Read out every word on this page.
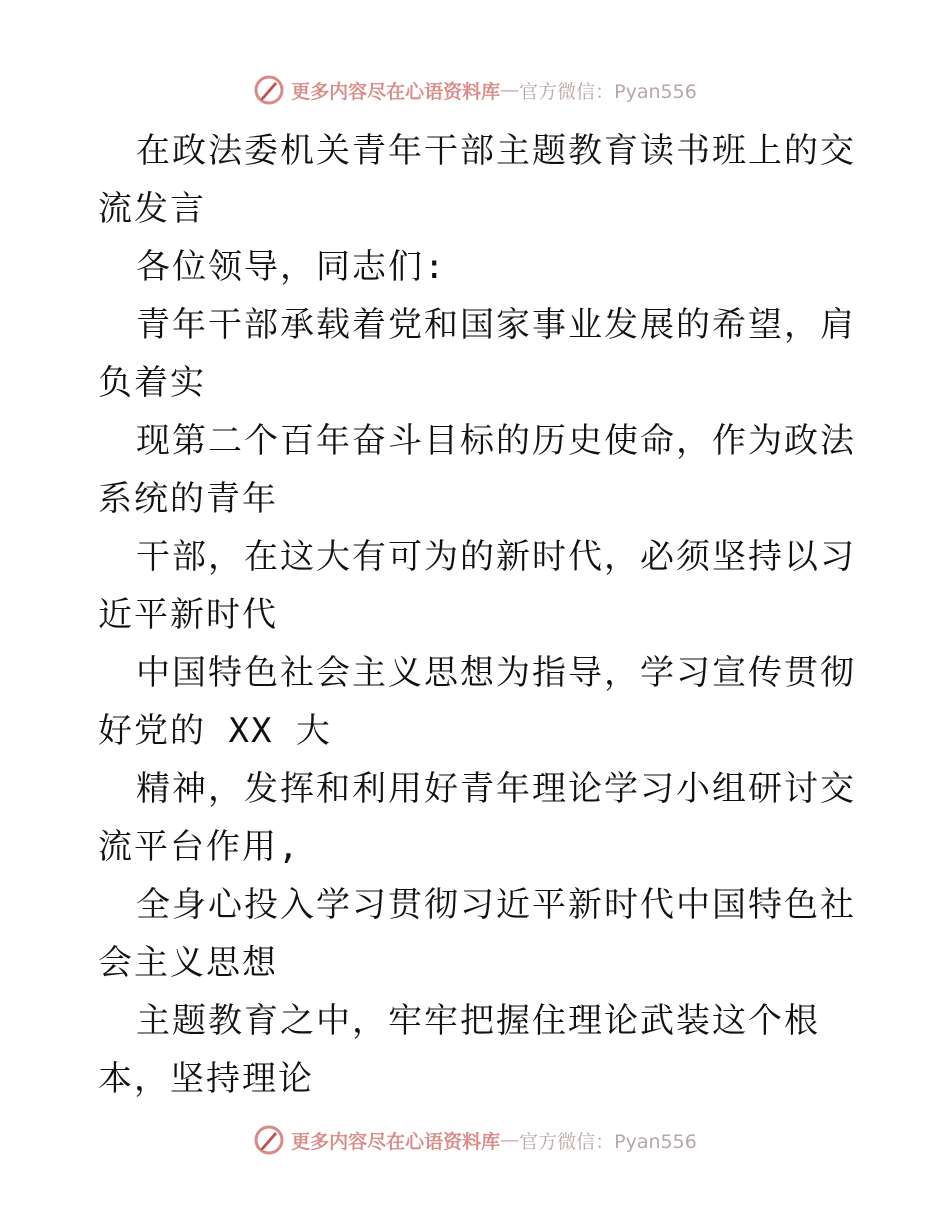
更多内容尽在心语资料库 — 官方微信：Pyan556
在政法委机关青年干部主题教育读书班上的交流发言
各位领导，同志们:
青年干部承载着党和国家事业发展的希望，肩负着实
现第二个百年奋斗目标的历史使命，作为政法系统的青年
干部，在这大有可为的新时代，必须坚持以习近平新时代
中国特色社会主义思想为指导，学习宣传贯彻好党的 XX 大
精神，发挥和利用好青年理论学习小组研讨交流平台作用,
全身心投入学习贯彻习近平新时代中国特色社会主义思想
主题教育之中，牢牢把握住理论武装这个根本，坚持理论
更多内容尽在心语资料库 — 官方微信：Pyan556
